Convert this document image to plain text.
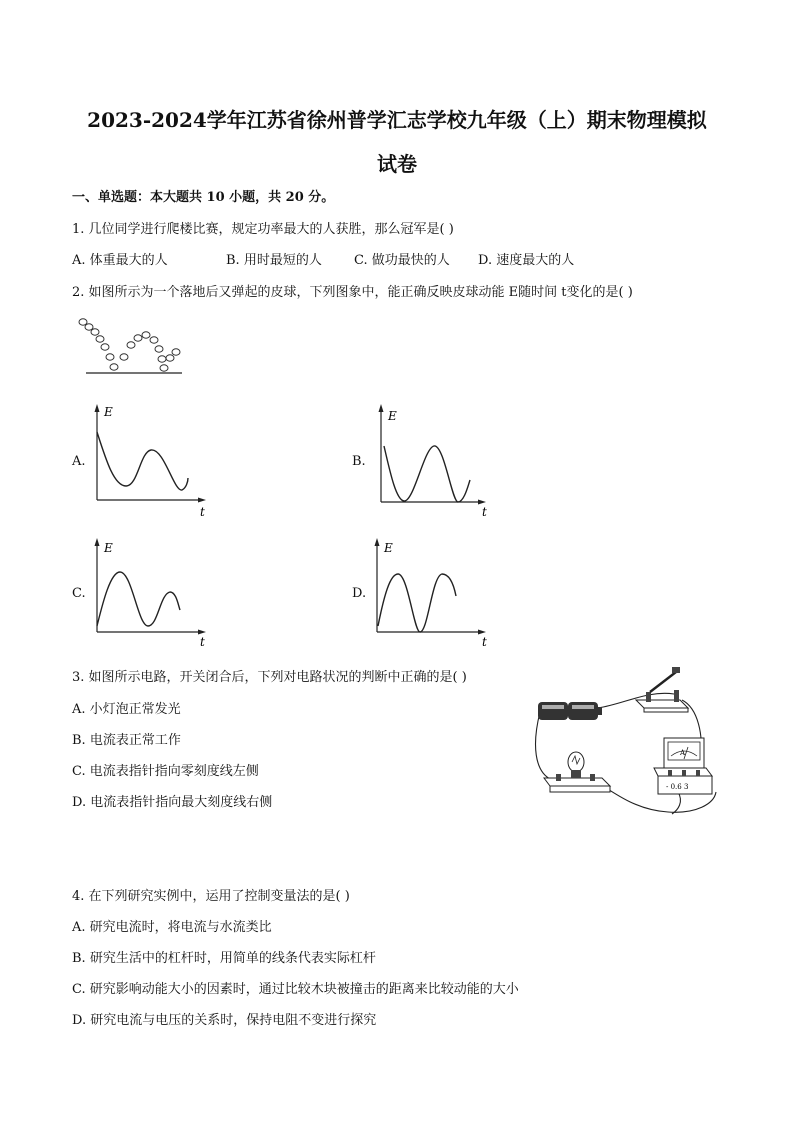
2023-2024学年江苏省徐州普学汇志学校九年级（上）期末物理模拟
试卷
一、单选题：本大题共 10 小题，共 20 分。
1. 几位同学进行爬楼比赛，规定功率最大的人获胜，那么冠军是( )
A. 体重最大的人	B. 用时最短的人 C. 做功最快的人 D. 速度最大的人
2. 如图所示为一个落地后又弹起的皮球，下列图象中，能正确反映皮球动能 E随时间 t变化的是( )
A.
E
t
B.
E
t
C.
E
t
D.
E
t
3. 如图所示电路，开关闭合后，下列对电路状况的判断中正确的是( )
A. 小灯泡正常发光
B. 电流表正常工作
C. 电流表指针指向零刻度线左侧
D. 电流表指针指向最大刻度线右侧
A
- 0.6 3
4. 在下列研究实例中，运用了控制变量法的是( )
A. 研究电流时，将电流与水流类比
B. 研究生活中的杠杆时，用简单的线条代表实际杠杆
C. 研究影响动能大小的因素时，通过比较木块被撞击的距离来比较动能的大小
D. 研究电流与电压的关系时，保持电阻不变进行探究
